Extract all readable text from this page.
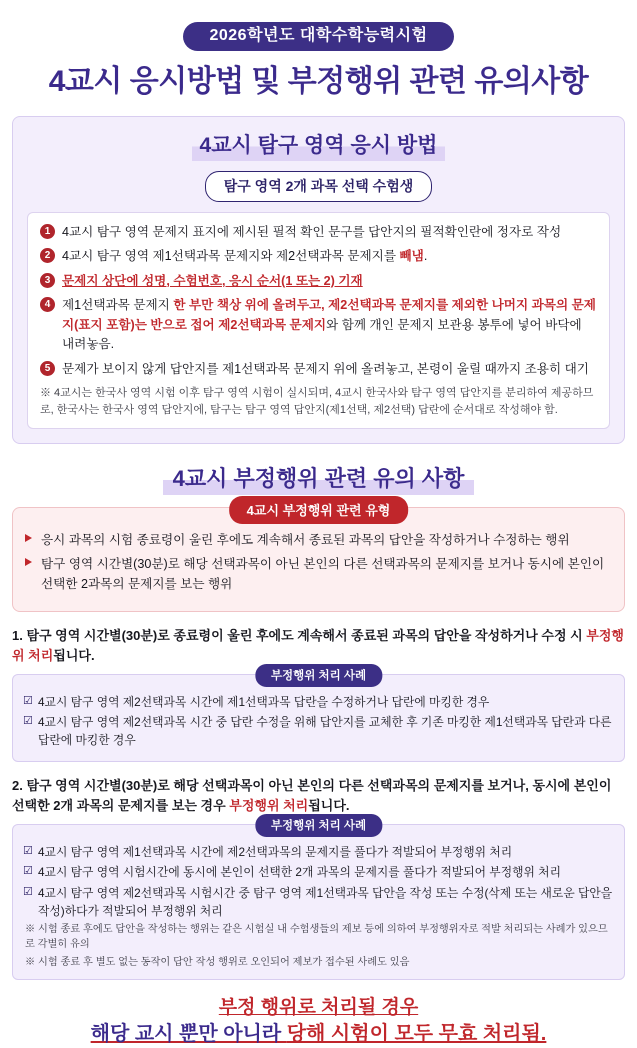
2026학년도 대학수학능력시험
4교시 응시방법 및 부정행위 관련 유의사항
4교시 탐구 영역 응시 방법
탐구 영역 2개 과목 선택 수험생
1 4교시 탐구 영역 문제지 표지에 제시된 필적 확인 문구를 답안지의 필적확인란에 정자로 작성
2 4교시 탐구 영역 제1선택과목 문제지와 제2선택과목 문제지를 빼냄.
3 문제지 상단에 성명, 수험번호, 응시 순서(1 또는 2) 기재
4 제1선택과목 문제지 한 부만 책상 위에 올려두고, 제2선택과목 문제지를 제외한 나머지 과목의 문제지(표지 포함)는 반으로 접어 제2선택과목 문제지와 함께 개인 문제지 보관용 봉투에 넣어 바닥에 내려놓음.
5 문제가 보이지 않게 답안지를 제1선택과목 문제지 위에 올려놓고, 본령이 울릴 때까지 조용히 대기
※ 4교시는 한국사 영역 시험 이후 탐구 영역 시험이 실시되며, 4교시 한국사와 탐구 영역 답안지를 분리하여 제공하므로, 한국사는 한국사 영역 답안지에, 탐구는 탐구 영역 답안지(제1선택, 제2선택) 답란에 순서대로 작성해야 함.
4교시 부정행위 관련 유의 사항
4교시 부정행위 관련 유형
응시 과목의 시험 종료령이 울린 후에도 계속해서 종료된 과목의 답안을 작성하거나 수정하는 행위
탐구 영역 시간별(30분)로 해당 선택과목이 아닌 본인의 다른 선택과목의 문제지를 보거나 동시에 본인이 선택한 2과목의 문제지를 보는 행위
1. 탐구 영역 시간별(30분)로 종료령이 울린 후에도 계속해서 종료된 과목의 답안을 작성하거나 수정 시 부정행위 처리됩니다.
부정행위 처리 사례
☑ 4교시 탐구 영역 제2선택과목 시간에 제1선택과목 답란을 수정하거나 답란에 마킹한 경우
☑ 4교시 탐구 영역 제2선택과목 시간 중 답란 수정을 위해 답안지를 교체한 후 기존 마킹한 제1선택과목 답란과 다른 답란에 마킹한 경우
2. 탐구 영역 시간별(30분)로 해당 선택과목이 아닌 본인의 다른 선택과목의 문제지를 보거나, 동시에 본인이 선택한 2개 과목의 문제지를 보는 경우 부정행위 처리됩니다.
부정행위 처리 사례
☑ 4교시 탐구 영역 제1선택과목 시간에 제2선택과목의 문제지를 풀다가 적발되어 부정행위 처리
☑ 4교시 탐구 영역 시험시간에 동시에 본인이 선택한 2개 과목의 문제지를 풀다가 적발되어 부정행위 처리
☑ 4교시 탐구 영역 제2선택과목 시험시간 중 탐구 영역 제1선택과목 답안을 작성 또는 수정(삭제 또는 새로운 답안을 작성)하다가 적발되어 부정행위 처리
※ 시험 종료 후에도 답안을 작성하는 행위는 같은 시험실 내 수험생들의 제보 등에 의하여 부정행위자로 적발 처리되는 사례가 있으므로 각별히 유의
※ 시험 종료 후 별도 없는 동작이 답안 작성 행위로 오인되어 제보가 접수된 사례도 있음
부정 행위로 처리될 경우
해당 교시 뿐만 아니라 당해 시험이 모두 무효 처리됨.
